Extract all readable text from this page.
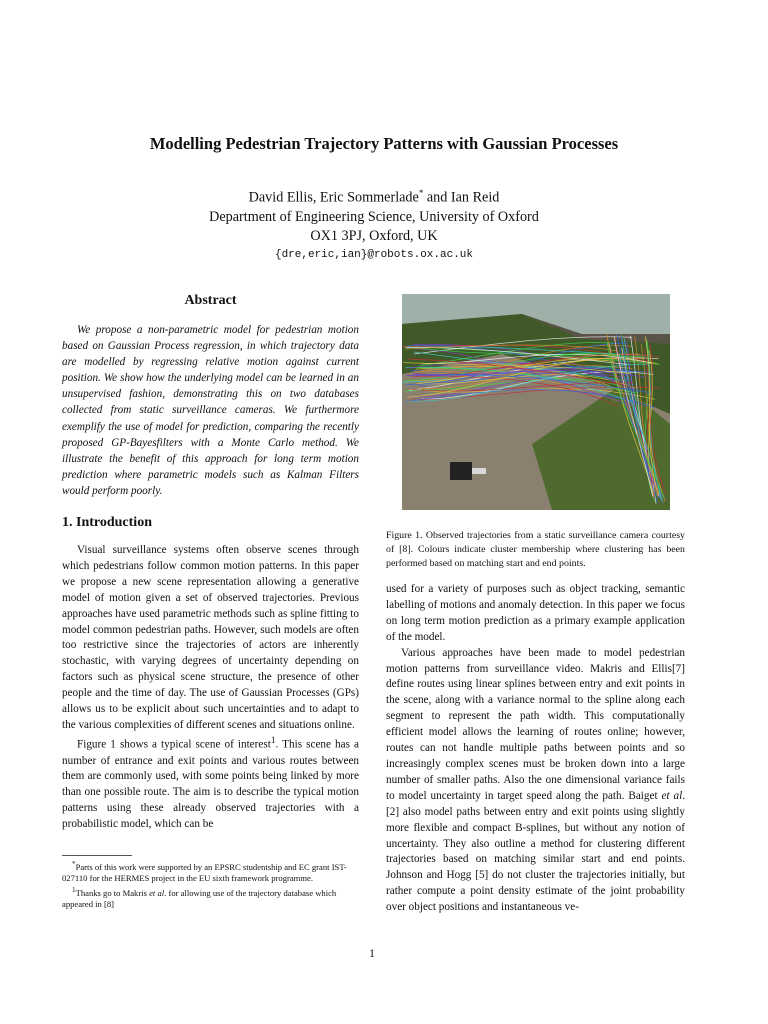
Modelling Pedestrian Trajectory Patterns with Gaussian Processes
David Ellis, Eric Sommerlade* and Ian Reid
Department of Engineering Science, University of Oxford
OX1 3PJ, Oxford, UK
{dre,eric,ian}@robots.ox.ac.uk
Abstract

We propose a non-parametric model for pedestrian motion based on Gaussian Process regression, in which trajectory data are modelled by regressing relative motion against current position. We show how the underlying model can be learned in an unsupervised fashion, demonstrating this on two databases collected from static surveillance cameras. We furthermore exemplify the use of model for prediction, comparing the recently proposed GP-Bayesfilters with a Monte Carlo method. We illustrate the benefit of this approach for long term motion prediction where parametric models such as Kalman Filters would perform poorly.

1. Introduction

Visual surveillance systems often observe scenes through which pedestrians follow common motion patterns. In this paper we propose a new scene representation allowing a generative model of motion given a set of observed trajectories. Previous approaches have used parametric methods such as spline fitting to model common pedestrian paths. However, such models are often too restrictive since the trajectories of actors are inherently stochastic, with varying degrees of uncertainty depending on factors such as physical scene structure, the presence of other people and the time of day. The use of Gaussian Processes (GPs) allows us to be explicit about such uncertainties and to adapt to the various complexities of different scenes and situations online.

Figure 1 shows a typical scene of interest$^1$. This scene has a number of entrance and exit points and various routes between them are commonly used, with some points being linked by more than one possible route. The aim is to describe the typical motion patterns using these already observed trajectories with a probabilistic model, which can be

*Parts of this work were supported by an EPSRC studentship and EC grant IST-027110 for the HERMES project in the EU sixth framework programme.

$^1$Thanks go to Makris et al. for allowing use of the trajectory database which appeared in [8]

Figure 1. Observed trajectories from a static surveillance camera courtesy of [8]. Colours indicate cluster membership where clustering has been performed based on matching start and end points.

used for a variety of purposes such as object tracking, semantic labelling of motions and anomaly detection. In this paper we focus on long term motion prediction as a primary example application of the model.

Various approaches have been made to model pedestrian motion patterns from surveillance video. Makris and Ellis[7] define routes using linear splines between entry and exit points in the scene, along with a variance normal to the spline along each segment to represent the path width. This computationally efficient model allows the learning of routes online; however, routes can not handle multiple paths between points and so increasingly complex scenes must be broken down into a large number of smaller paths. Also the one dimensional variance fails to model uncertainty in target speed along the path. Baiget et al. [2] also model paths between entry and exit points using slightly more flexible and compact B-splines, but without any notion of uncertainty. They also outline a method for clustering different trajectories based on matching similar start and end points. Johnson and Hogg [5] do not cluster the trajectories initially, but rather compute a point density estimate of the joint probability over object positions and instantaneous ve-

1
